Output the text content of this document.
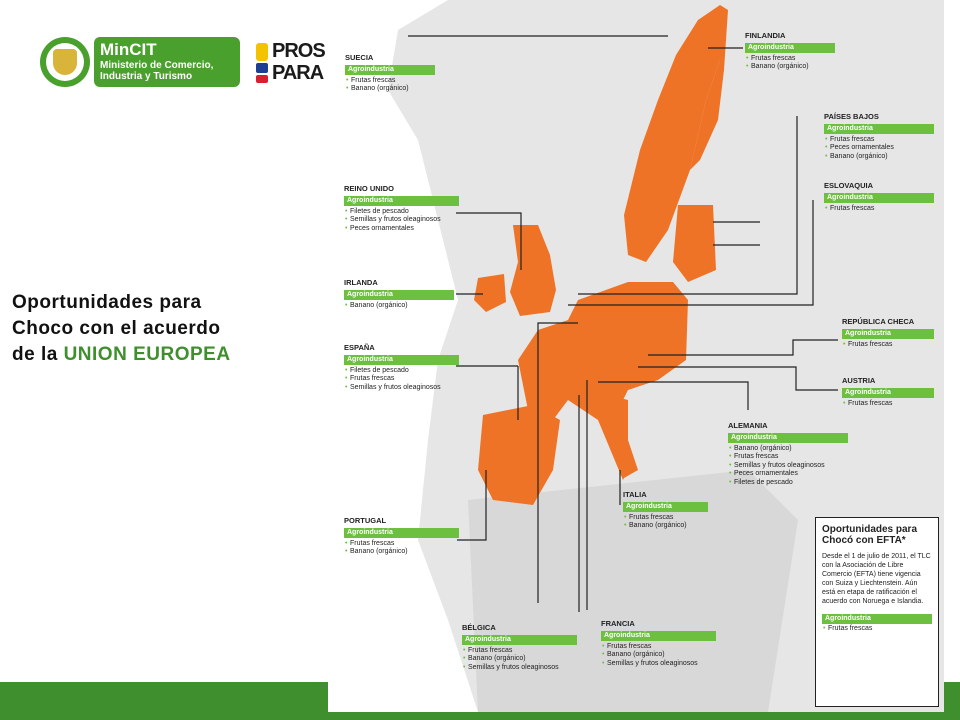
MinCIT
Ministerio de Comercio, Industria y Turismo
PROS
PARA
Oportunidades para
Choco con el acuerdo
de la UNION EUROPEA
FINLANDIA
Agroindustria
• Frutas frescas
• Banano (orgánico)
SUECIA
Agroindustria
• Frutas frescas
• Banano (orgánico)
PAÍSES BAJOS
Agroindustria
• Frutas frescas
• Peces ornamentales
• Banano (orgánico)
ESLOVAQUIA
Agroindustria
• Frutas frescas
REINO UNIDO
Agroindustria
• Filetes de pescado
• Semillas y frutos oleaginosos
• Peces ornamentales
IRLANDA
Agroindustria
• Banano (orgánico)
REPÚBLICA CHECA
Agroindustria
• Frutas frescas
ESPAÑA
Agroindustria
• Filetes de pescado
• Frutas frescas
• Semillas y frutos oleaginosos
AUSTRIA
Agroindustria
• Frutas frescas
ALEMANIA
Agroindustria
• Banano (orgánico)
• Frutas frescas
• Semillas y frutos oleaginosos
• Peces ornamentales
• Filetes de pescado
ITALIA
Agroindustria
• Frutas frescas
• Banano (orgánico)
PORTUGAL
Agroindustria
• Frutas frescas
• Banano (orgánico)
BÉLGICA
Agroindustria
• Frutas frescas
• Banano (orgánico)
• Semillas y frutos oleaginosos
FRANCIA
Agroindustria
• Frutas frescas
• Banano (orgánico)
• Semillas y frutos oleaginosos
Oportunidades para Chocó con EFTA*
Desde el 1 de julio de 2011, el TLC con la Asociación de Libre Comercio (EFTA) tiene vigencia con Suiza y Liechtenstein. Aún está en etapa de ratificación el acuerdo con Noruega e Islandia.
Agroindustria
• Frutas frescas
